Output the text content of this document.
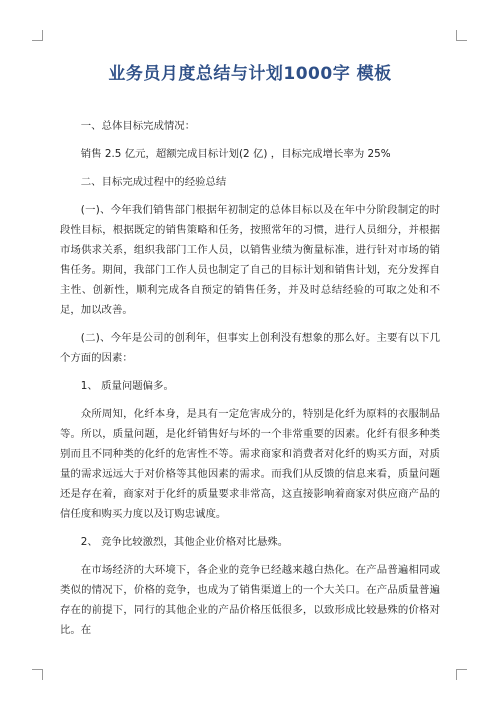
业务员月度总结与计划1000字 模板

一、总体目标完成情况：

销售 2.5 亿元，超额完成目标计划(2 亿) ，目标完成增长率为 25%

二、目标完成过程中的经验总结

(一)、今年我们销售部门根据年初制定的总体目标以及在年中分阶段制定的时段性目标，根据既定的销售策略和任务，按照常年的习惯，进行人员细分，并根据市场供求关系，组织我部门工作人员，以销售业绩为衡量标准，进行针对市场的销售任务。期间，我部门工作人员也制定了自己的目标计划和销售计划，充分发挥自主性、创新性，顺利完成各自预定的销售任务，并及时总结经验的可取之处和不足，加以改善。

(二)、今年是公司的创利年，但事实上创利没有想象的那么好。主要有以下几个方面的因素：

1、 质量问题偏多。

众所周知，化纤本身，是具有一定危害成分的，特别是化纤为原料的衣服制品等。所以，质量问题，是化纤销售好与坏的一个非常重要的因素。化纤有很多种类别而且不同种类的化纤的危害性不等。需求商家和消费者对化纤的购买方面，对质量的需求远远大于对价格等其他因素的需求。而我们从反馈的信息来看，质量问题还是存在着，商家对于化纤的质量要求非常高，这直接影响着商家对供应商产品的信任度和购买力度以及订购忠诚度。

2、 竞争比较激烈，其他企业价格对比悬殊。

在市场经济的大环境下，各企业的竞争已经越来越白热化。在产品普遍相同或类似的情况下，价格的竞争，也成为了销售渠道上的一个大关口。在产品质量普遍存在的前提下，同行的其他企业的产品价格压低很多，以致形成比较悬殊的价格对比。在
